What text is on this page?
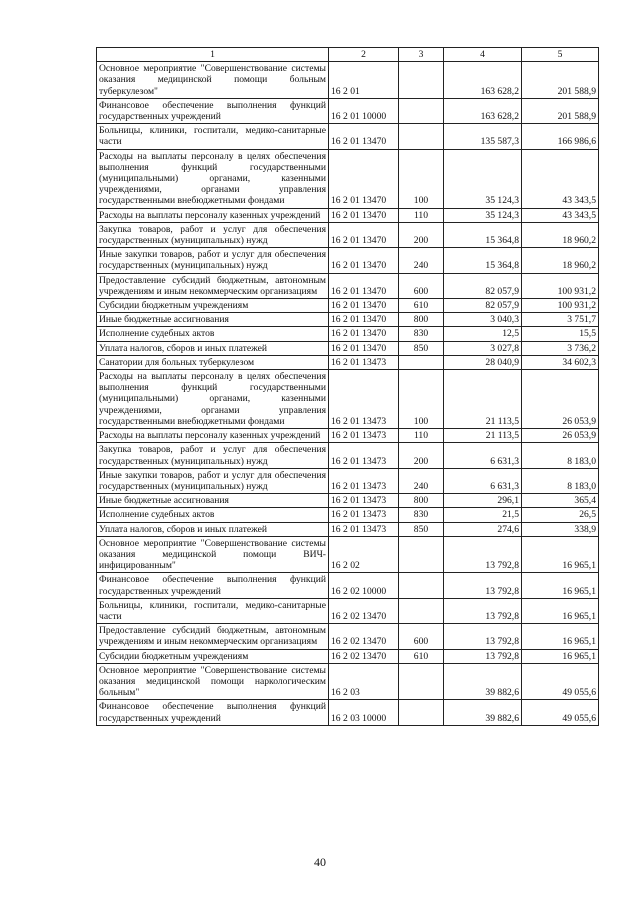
1	2	3	4	5
Основное мероприятие "Совершенствование системы оказания медицинской помощи больным туберкулезом"	16 2 01		163 628,2	201 588,9
Финансовое обеспечение выполнения функций государственных учреждений	16 2 01 10000		163 628,2	201 588,9
Больницы, клиники, госпитали, медико-санитарные части	16 2 01 13470		135 587,3	166 986,6
Расходы на выплаты персоналу в целях обеспечения выполнения функций государственными (муниципальными) органами, казенными учреждениями, органами управления государственными внебюджетными фондами	16 2 01 13470	100	35 124,3	43 343,5
Расходы на выплаты персоналу казенных учреждений	16 2 01 13470	110	35 124,3	43 343,5
Закупка товаров, работ и услуг для обеспечения государственных (муниципальных) нужд	16 2 01 13470	200	15 364,8	18 960,2
Иные закупки товаров, работ и услуг для обеспечения государственных (муниципальных) нужд	16 2 01 13470	240	15 364,8	18 960,2
Предоставление субсидий бюджетным, автономным учреждениям и иным некоммерческим организациям	16 2 01 13470	600	82 057,9	100 931,2
Субсидии бюджетным учреждениям	16 2 01 13470	610	82 057,9	100 931,2
Иные бюджетные ассигнования	16 2 01 13470	800	3 040,3	3 751,7
Исполнение судебных актов	16 2 01 13470	830	12,5	15,5
Уплата налогов, сборов и иных платежей	16 2 01 13470	850	3 027,8	3 736,2
Санатории для больных туберкулезом	16 2 01 13473		28 040,9	34 602,3
Расходы на выплаты персоналу в целях обеспечения выполнения функций государственными (муниципальными) органами, казенными учреждениями, органами управления государственными внебюджетными фондами	16 2 01 13473	100	21 113,5	26 053,9
Расходы на выплаты персоналу казенных учреждений	16 2 01 13473	110	21 113,5	26 053,9
Закупка товаров, работ и услуг для обеспечения государственных (муниципальных) нужд	16 2 01 13473	200	6 631,3	8 183,0
Иные закупки товаров, работ и услуг для обеспечения государственных (муниципальных) нужд	16 2 01 13473	240	6 631,3	8 183,0
Иные бюджетные ассигнования	16 2 01 13473	800	296,1	365,4
Исполнение судебных актов	16 2 01 13473	830	21,5	26,5
Уплата налогов, сборов и иных платежей	16 2 01 13473	850	274,6	338,9
Основное мероприятие "Совершенствование системы оказания медицинской помощи ВИЧ-инфицированным"	16 2 02		13 792,8	16 965,1
Финансовое обеспечение выполнения функций государственных учреждений	16 2 02 10000		13 792,8	16 965,1
Больницы, клиники, госпитали, медико-санитарные части	16 2 02 13470		13 792,8	16 965,1
Предоставление субсидий бюджетным, автономным учреждениям и иным некоммерческим организациям	16 2 02 13470	600	13 792,8	16 965,1
Субсидии бюджетным учреждениям	16 2 02 13470	610	13 792,8	16 965,1
Основное мероприятие "Совершенствование системы оказания медицинской помощи наркологическим больным"	16 2 03		39 882,6	49 055,6
Финансовое обеспечение выполнения функций государственных учреждений	16 2 03 10000		39 882,6	49 055,6
40
